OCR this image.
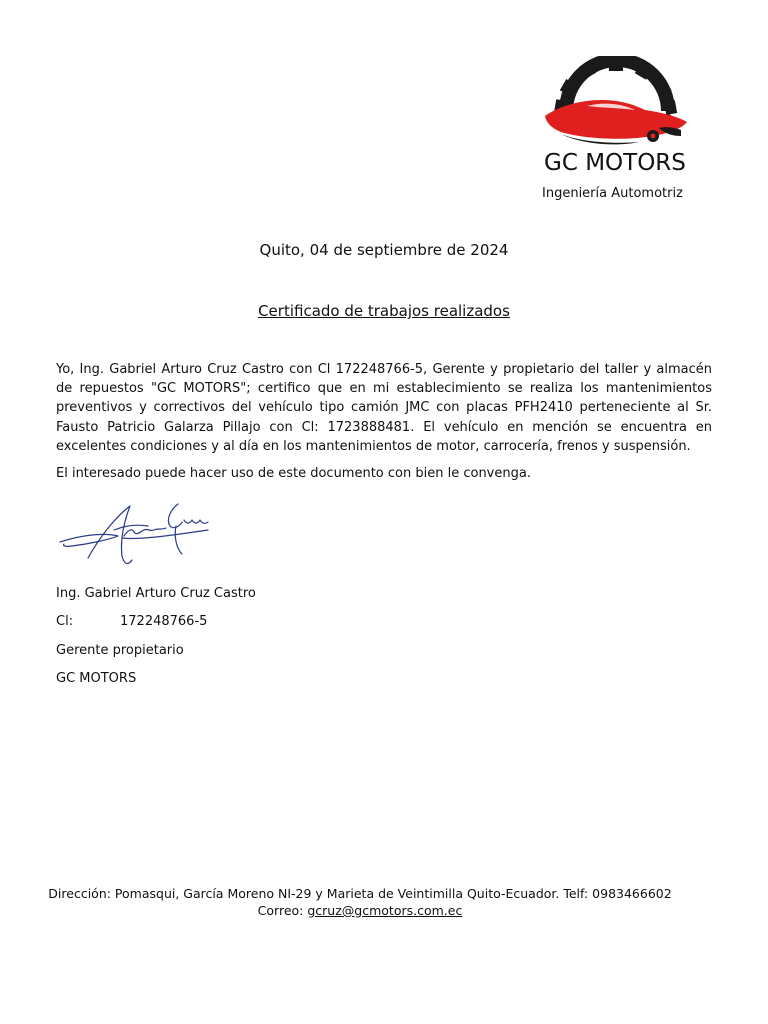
GC MOTORS
Ingeniería Automotriz
Quito, 04 de septiembre de 2024
Certificado de trabajos realizados

Yo, Ing. Gabriel Arturo Cruz Castro con Cl 172248766-5, Gerente y propietario del taller y almacén de repuestos "GC MOTORS"; certifico que en mi establecimiento se realiza los mantenimientos preventivos y correctivos del vehículo tipo camión JMC con placas PFH2410 perteneciente al Sr. Fausto Patricio Galarza Pillajo con Cl: 1723888481. El vehículo en mención se encuentra en excelentes condiciones y al día en los mantenimientos de motor, carrocería, frenos y suspensión.

El interesado puede hacer uso de este documento con bien le convenga.

Ing. Gabriel Arturo Cruz Castro
Cl:	172248766-5
Gerente propietario
GC MOTORS
Dirección: Pomasqui, García Moreno NI-29 y Marieta de Veintimilla Quito-Ecuador. Telf: 0983466602
Correo: gcruz@gcmotors.com.ec
